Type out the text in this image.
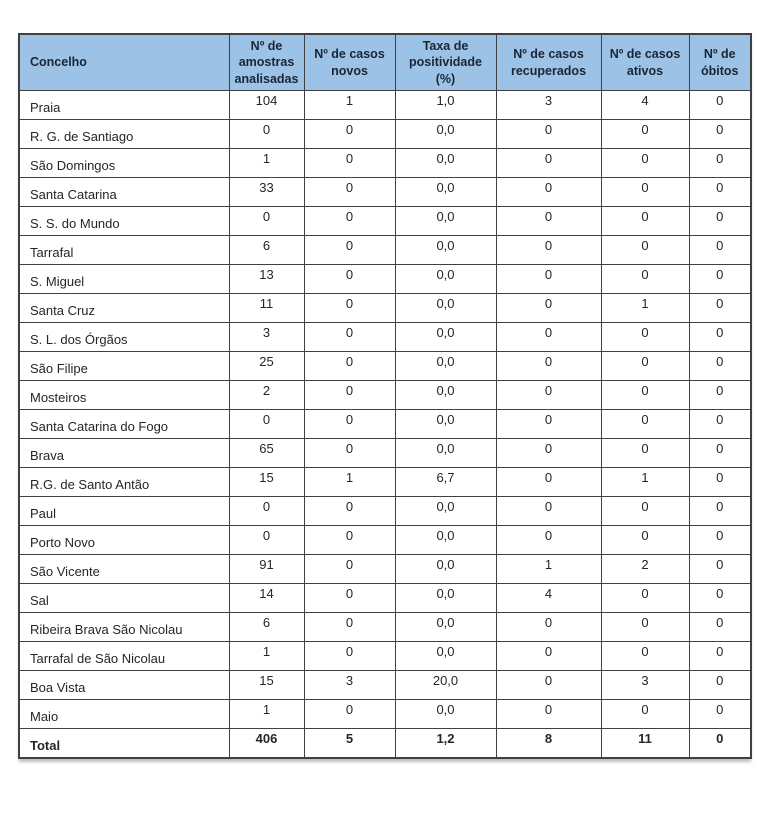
Concelho	Nº de amostras analisadas	Nº de casos novos	Taxa de positividade (%)	Nº de casos recuperados	Nº de casos ativos	Nº de óbitos
Praia	104	1	1,0	3	4	0
R. G. de Santiago	0	0	0,0	0	0	0
São Domingos	1	0	0,0	0	0	0
Santa Catarina	33	0	0,0	0	0	0
S. S. do Mundo	0	0	0,0	0	0	0
Tarrafal	6	0	0,0	0	0	0
S. Miguel	13	0	0,0	0	0	0
Santa Cruz	11	0	0,0	0	1	0
S. L. dos Órgãos	3	0	0,0	0	0	0
São Filipe	25	0	0,0	0	0	0
Mosteiros	2	0	0,0	0	0	0
Santa Catarina do Fogo	0	0	0,0	0	0	0
Brava	65	0	0,0	0	0	0
R.G. de Santo Antão	15	1	6,7	0	1	0
Paul	0	0	0,0	0	0	0
Porto Novo	0	0	0,0	0	0	0
São Vicente	91	0	0,0	1	2	0
Sal	14	0	0,0	4	0	0
Ribeira Brava São Nicolau	6	0	0,0	0	0	0
Tarrafal de São Nicolau	1	0	0,0	0	0	0
Boa Vista	15	3	20,0	0	3	0
Maio	1	0	0,0	0	0	0
Total	406	5	1,2	8	11	0
